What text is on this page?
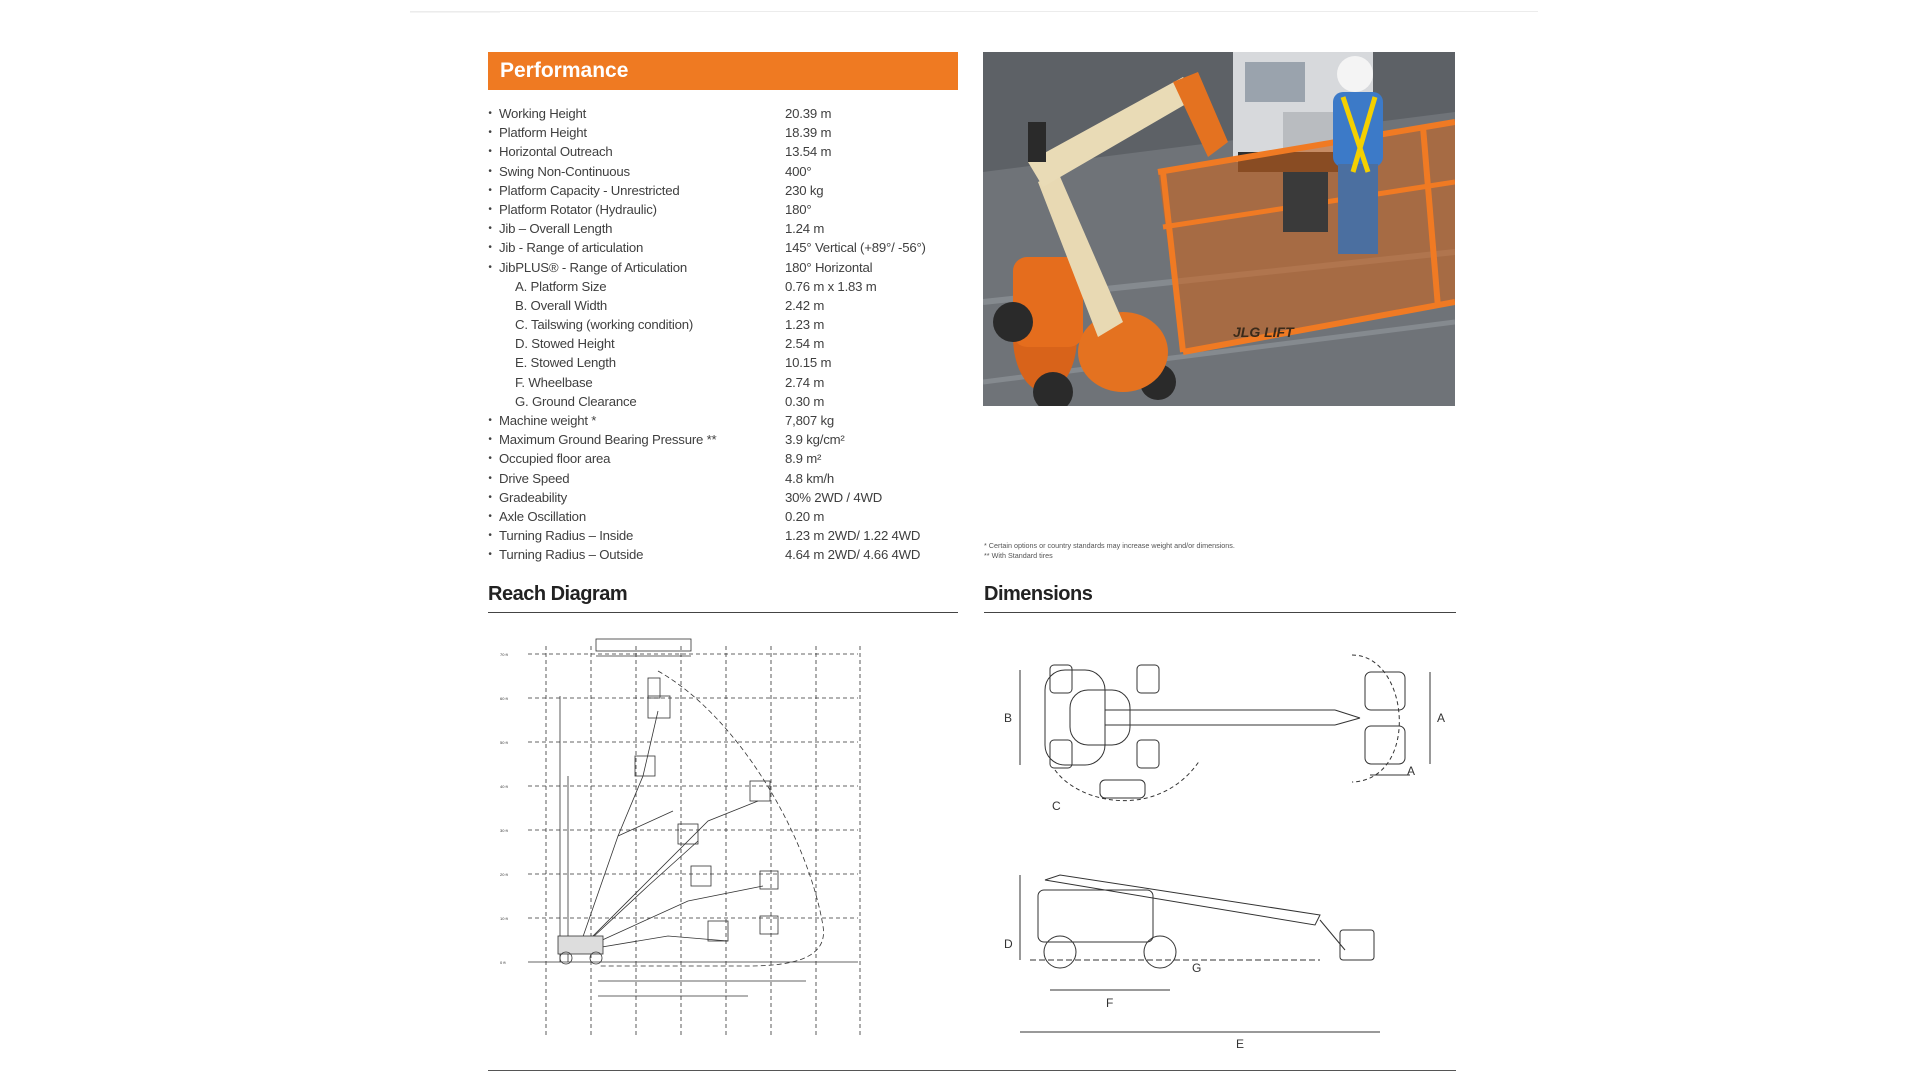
Performance
• Working Height	20.39 m
• Platform Height	18.39 m
• Horizontal Outreach	13.54 m
• Swing Non-Continuous	400°
• Platform Capacity - Unrestricted	230 kg
• Platform Rotator (Hydraulic)	180°
• Jib – Overall Length	1.24 m
• Jib - Range of articulation	145° Vertical (+89°/ -56°)
• JibPLUS® - Range of Articulation	180° Horizontal
A. Platform Size	0.76 m x 1.83 m
B. Overall Width	2.42 m
C. Tailswing (working condition)	1.23 m
D. Stowed Height	2.54 m
E. Stowed Length	10.15 m
F. Wheelbase	2.74 m
G. Ground Clearance	0.30 m
• Machine weight *	7,807 kg
• Maximum Ground Bearing Pressure **	3.9 kg/cm²
• Occupied floor area	8.9 m²
• Drive Speed	4.8 km/h
• Gradeability	30% 2WD / 4WD
• Axle Oscillation	0.20 m
• Turning Radius – Inside	1.23 m 2WD/ 1.22 4WD
• Turning Radius – Outside	4.64 m 2WD/ 4.66 4WD
JLG LIFT
* Certain options or country standards may increase weight and/or dimensions.
** With Standard tires
Reach Diagram
70 ft
60 ft
50 ft
40 ft
30 ft
20 ft
10 ft
0 ft
Dimensions
B	A
A
C
D
G
F
E
